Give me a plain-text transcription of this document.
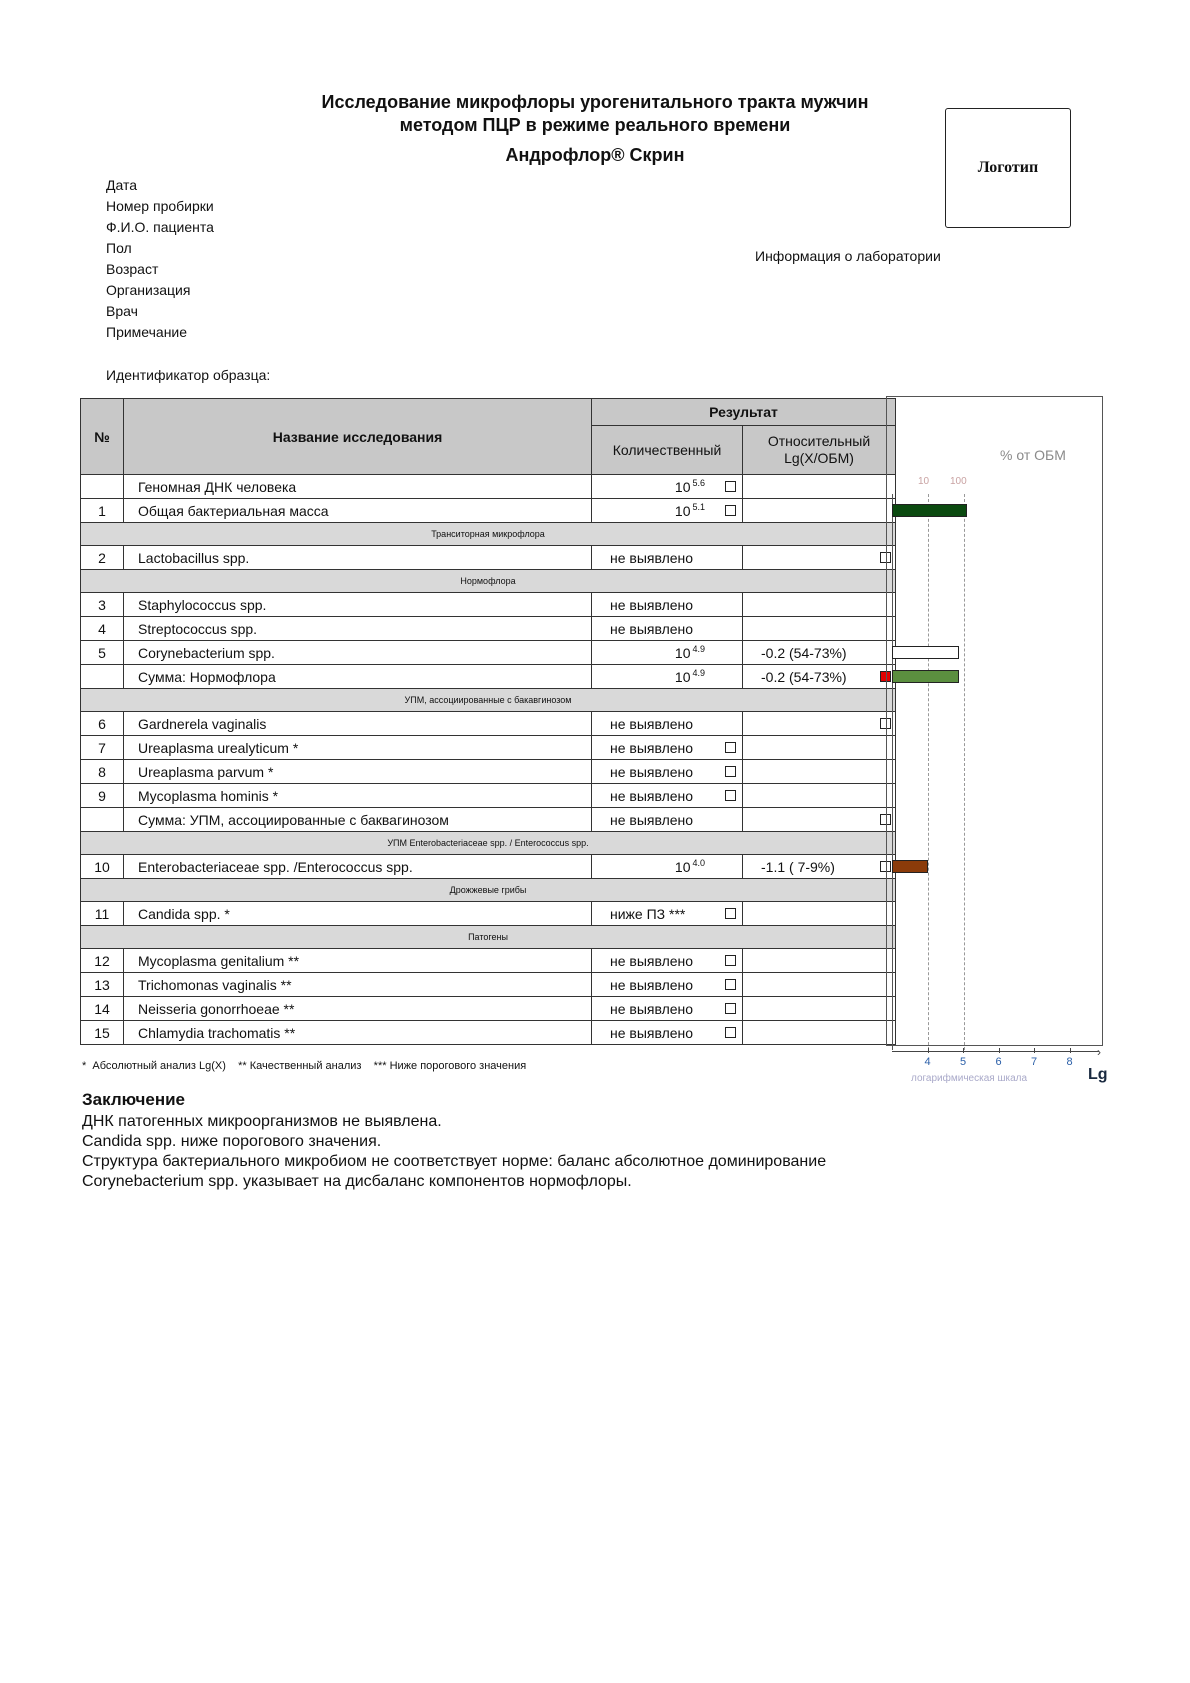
Исследование микрофлоры урогенитального тракта мужчин
методом ПЦР в режиме реального времени
Андрофлор® Скрин
Логотип
Информация о лаборатории
Дата
Номер пробирки
Ф.И.О. пациента
Пол
Возраст
Организация
Врач
Примечание
Идентификатор образца:
№	Название исследования	Результат	
		Количественный	Относительный
Lg(X/ОБМ)

	Геномная ДНК человека	10 $^{5.6}$

1	Общая бактериальная масса	10 $^{5.1}$

Транситорная микрофлора			
2	Lactobacillus spp.	не выявлено	

Нормофлора			
3	Staphylococcus spp.	не выявлено	

4	Streptococcus spp.	не выявлено	

5	Corynebacterium spp.	10 $^{4.9}$	-0.2 (54-73%)

	Сумма: Нормофлора	10 $^{4.9}$	-0.2 (54-73%)

УПМ, ассоциированные с бакавгинозом			
6	Gardnerela vaginalis	не выявлено	

7	Ureaplasma urealyticum *	не выявлено	

8	Ureaplasma parvum *	не выявлено	

9	Mycoplasma hominis *	не выявлено	

	Сумма: УПМ, ассоциированные с баквагинозом	не выявлено	

УПМ Enterobacteriaceae spp. / Enterococcus spp.			
10	Enterobacteriaceae spp. /Enterococcus spp.	10 $^{4.0}$	-1.1 ( 7-9%)

Дрожжевые грибы			
11	Candida spp. *	ниже ПЗ ***	

Патогены			
12	Mycoplasma genitalium **	не выявлено	

13	Trichomonas vaginalis **	не выявлено	

14	Neisseria gonorrhoeae **	не выявлено	

15	Chlamydia trachomatis **	не выявлено	

% от ОБМ
10 100
›
4	5	6	7	8
логарифмическая шкала	Lg
*  Абсолютный анализ Lg(X)    ** Качественный анализ    *** Ниже порогового значения
Заключение
ДНК патогенных микроорганизмов не выявлена.
Candida spp. ниже порогового значения.
Структура бактериального микробиом не соответствует норме: баланс абсолютное доминирование
Corynebacterium spp. указывает на дисбаланс компонентов нормофлоры.
